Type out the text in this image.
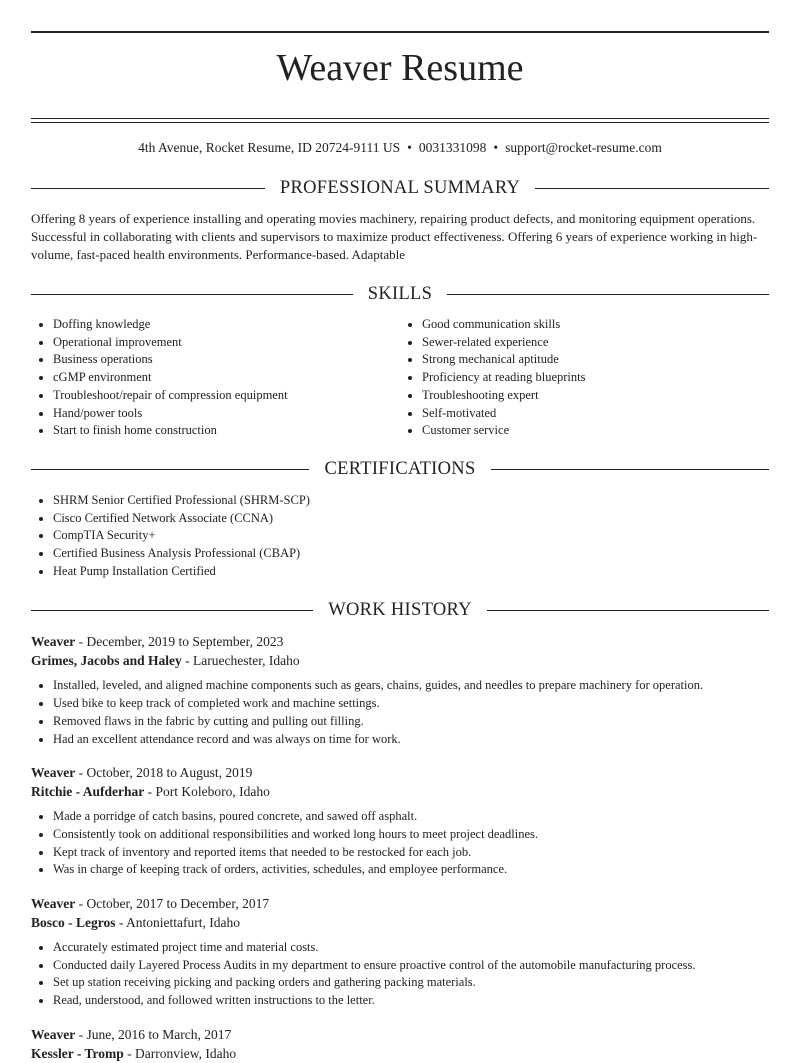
Weaver Resume
4th Avenue, Rocket Resume, ID 20724-9111 US • 0031331098 • support@rocket-resume.com
PROFESSIONAL SUMMARY

Offering 8 years of experience installing and operating movies machinery, repairing product defects, and monitoring equipment operations. Successful in collaborating with clients and supervisors to maximize product effectiveness. Offering 6 years of experience working in high-volume, fast-paced health environments. Performance-based. Adaptable

SKILLS
• Doffing knowledge
• Operational improvement
• Business operations
• cGMP environment
• Troubleshoot/repair of compression equipment
• Hand/power tools
• Start to finish home construction
• Good communication skills
• Sewer-related experience
• Strong mechanical aptitude
• Proficiency at reading blueprints
• Troubleshooting expert
• Self-motivated
• Customer service
CERTIFICATIONS
• SHRM Senior Certified Professional (SHRM-SCP)
• Cisco Certified Network Associate (CCNA)
• CompTIA Security+
• Certified Business Analysis Professional (CBAP)
• Heat Pump Installation Certified
WORK HISTORY
Weaver - December, 2019 to September, 2023
Grimes, Jacobs and Haley - Laruechester, Idaho
• Installed, leveled, and aligned machine components such as gears, chains, guides, and needles to prepare machinery for operation.
• Used bike to keep track of completed work and machine settings.
• Removed flaws in the fabric by cutting and pulling out filling.
• Had an excellent attendance record and was always on time for work.
Weaver - October, 2018 to August, 2019
Ritchie - Aufderhar - Port Koleboro, Idaho
• Made a porridge of catch basins, poured concrete, and sawed off asphalt.
• Consistently took on additional responsibilities and worked long hours to meet project deadlines.
• Kept track of inventory and reported items that needed to be restocked for each job.
• Was in charge of keeping track of orders, activities, schedules, and employee performance.
Weaver - October, 2017 to December, 2017
Bosco - Legros - Antoniettafurt, Idaho
• Accurately estimated project time and material costs.
• Conducted daily Layered Process Audits in my department to ensure proactive control of the automobile manufacturing process.
• Set up station receiving picking and packing orders and gathering packing materials.
• Read, understood, and followed written instructions to the letter.
Weaver - June, 2016 to March, 2017
Kessler - Tromp - Darronview, Idaho
